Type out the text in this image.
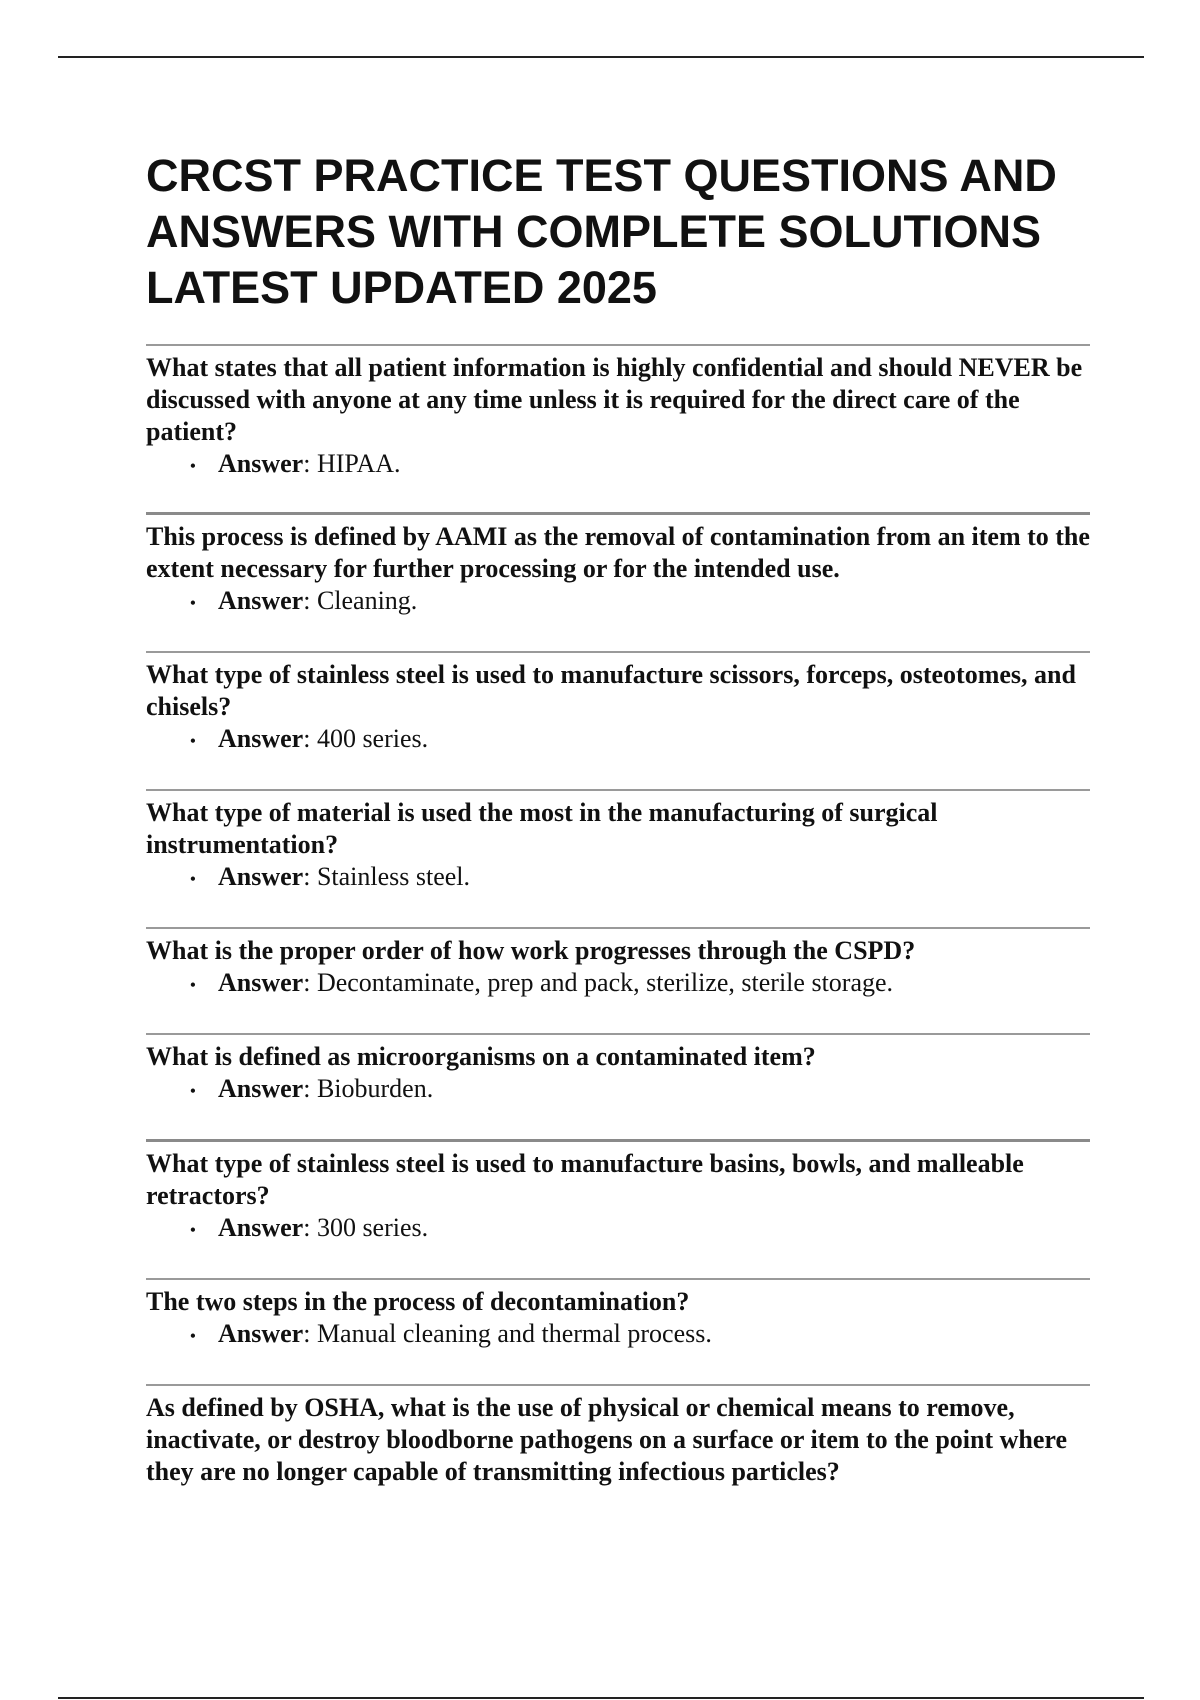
CRCST PRACTICE TEST QUESTIONS AND ANSWERS WITH COMPLETE SOLUTIONS LATEST UPDATED 2025

What states that all patient information is highly confidential and should NEVER be discussed with anyone at any time unless it is required for the direct care of the patient?

• Answer : HIPAA.

This process is defined by AAMI as the removal of contamination from an item to the extent necessary for further processing or for the intended use.

• Answer : Cleaning.

What type of stainless steel is used to manufacture scissors, forceps, osteotomes, and chisels?

• Answer : 400 series.

What type of material is used the most in the manufacturing of surgical instrumentation?

• Answer : Stainless steel.

What is the proper order of how work progresses through the CSPD?

• Answer : Decontaminate, prep and pack, sterilize, sterile storage.

What is defined as microorganisms on a contaminated item?

• Answer : Bioburden.

What type of stainless steel is used to manufacture basins, bowls, and malleable retractors?

• Answer : 300 series.

The two steps in the process of decontamination?

• Answer : Manual cleaning and thermal process.

As defined by OSHA, what is the use of physical or chemical means to remove, inactivate, or destroy bloodborne pathogens on a surface or item to the point where they are no longer capable of transmitting infectious particles?
